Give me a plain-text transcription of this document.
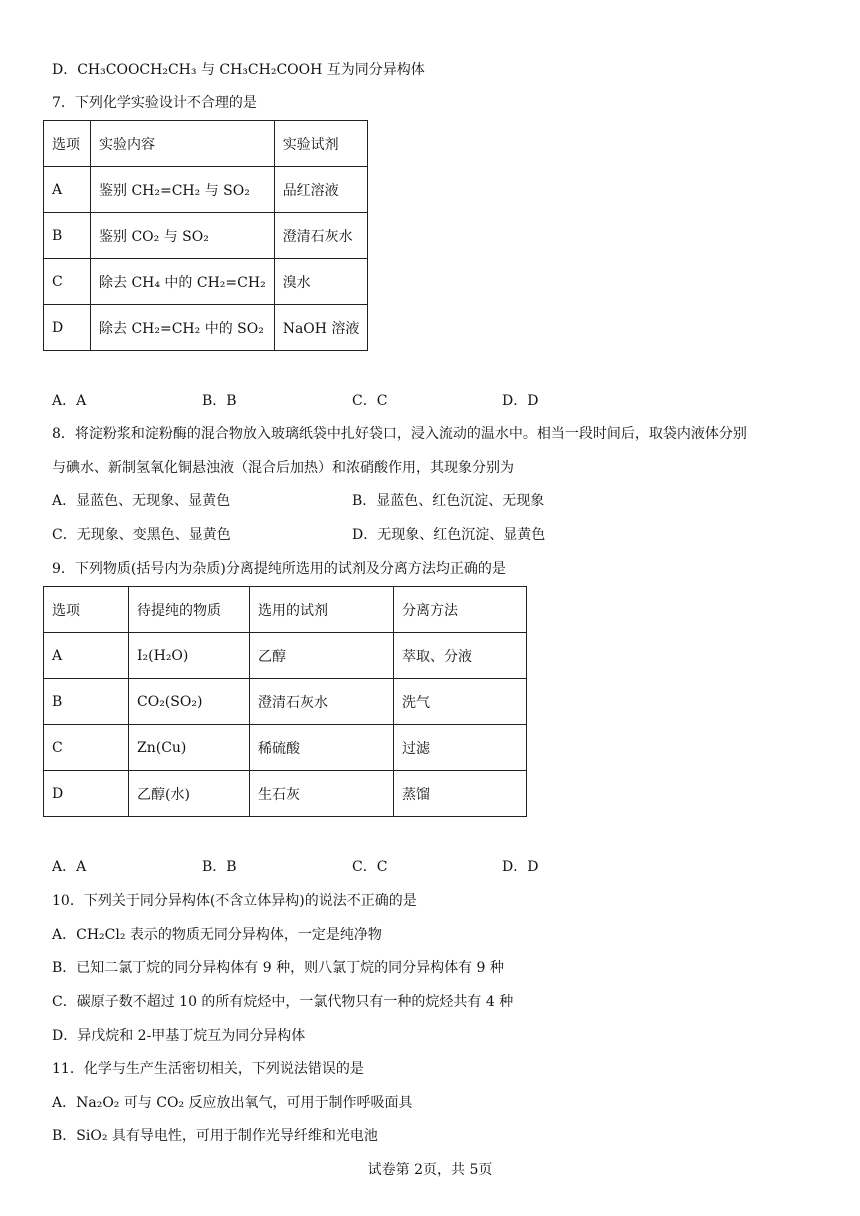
D．CH₃COOCH₂CH₃ 与 CH₃CH₂COOH 互为同分异构体
7．下列化学实验设计不合理的是
选项	实验内容	实验试剂
A	鉴别 CH₂=CH₂ 与 SO₂	品红溶液
B	鉴别 CO₂ 与 SO₂	澄清石灰水
C	除去 CH₄ 中的 CH₂=CH₂	溴水
D	除去 CH₂=CH₂ 中的 SO₂	NaOH 溶液
A．A	B．B	C．C	D．D
8．将淀粉浆和淀粉酶的混合物放入玻璃纸袋中扎好袋口，浸入流动的温水中。相当一段时间后，取袋内液体分别
与碘水、新制氢氧化铜悬浊液（混合后加热）和浓硝酸作用，其现象分别为
A．显蓝色、无现象、显黄色	B．显蓝色、红色沉淀、无现象
C．无现象、变黑色、显黄色	D．无现象、红色沉淀、显黄色
9．下列物质(括号内为杂质)分离提纯所选用的试剂及分离方法均正确的是
选项	待提纯的物质	选用的试剂	分离方法
A	I₂(H₂O)	乙醇	萃取、分液
B	CO₂(SO₂)	澄清石灰水	洗气
C	Zn(Cu)	稀硫酸	过滤
D	乙醇(水)	生石灰	蒸馏
A．A	B．B	C．C	D．D
10．下列关于同分异构体(不含立体异构)的说法不正确的是
A．CH₂Cl₂ 表示的物质无同分异构体，一定是纯净物
B．已知二氯丁烷的同分异构体有 9 种，则八氯丁烷的同分异构体有 9 种
C．碳原子数不超过 10 的所有烷烃中，一氯代物只有一种的烷烃共有 4 种
D．异戊烷和 2-甲基丁烷互为同分异构体
11．化学与生产生活密切相关，下列说法错误的是
A．Na₂O₂ 可与 CO₂ 反应放出氧气，可用于制作呼吸面具
B．SiO₂ 具有导电性，可用于制作光导纤维和光电池
试卷第 2页，共 5页
